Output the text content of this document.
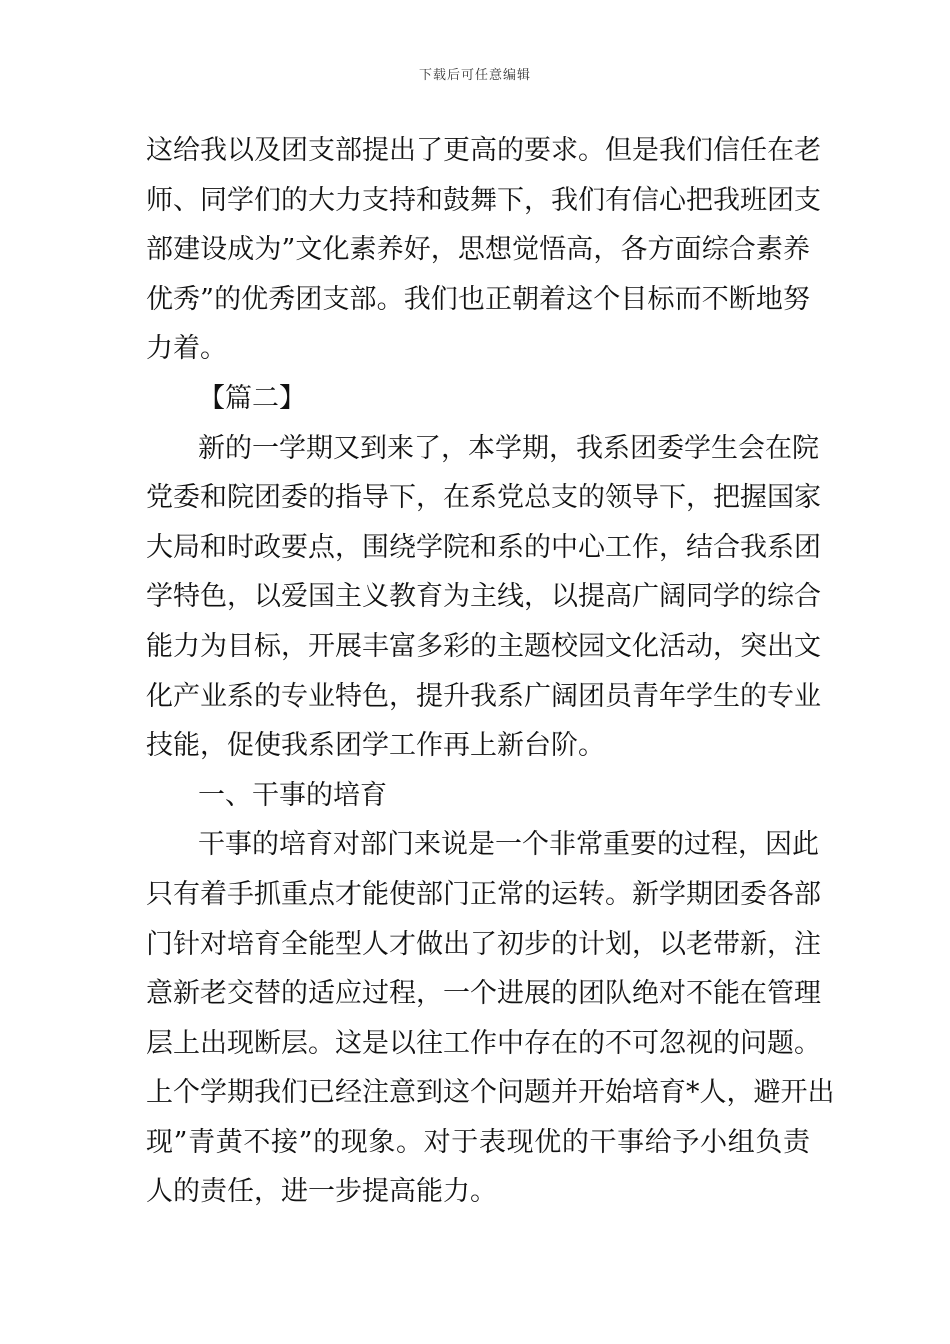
下载后可任意编辑
这给我以及团支部提出了更高的要求。但是我们信任在老
师、同学们的大力支持和鼓舞下，我们有信心把我班团支
部建设成为”文化素养好，思想觉悟高，各方面综合素养
优秀”的优秀团支部。我们也正朝着这个目标而不断地努
力着。
【篇二】
新的一学期又到来了，本学期，我系团委学生会在院
党委和院团委的指导下，在系党总支的领导下，把握国家
大局和时政要点，围绕学院和系的中心工作，结合我系团
学特色，以爱国主义教育为主线，以提高广阔同学的综合
能力为目标，开展丰富多彩的主题校园文化活动，突出文
化产业系的专业特色，提升我系广阔团员青年学生的专业
技能，促使我系团学工作再上新台阶。
一、干事的培育
干事的培育对部门来说是一个非常重要的过程，因此
只有着手抓重点才能使部门正常的运转。新学期团委各部
门针对培育全能型人才做出了初步的计划，以老带新，注
意新老交替的适应过程，一个进展的团队绝对不能在管理
层上出现断层。这是以往工作中存在的不可忽视的问题。
上个学期我们已经注意到这个问题并开始培育*人，避开出
现”青黄不接”的现象。对于表现优的干事给予小组负责
人的责任，进一步提高能力。
